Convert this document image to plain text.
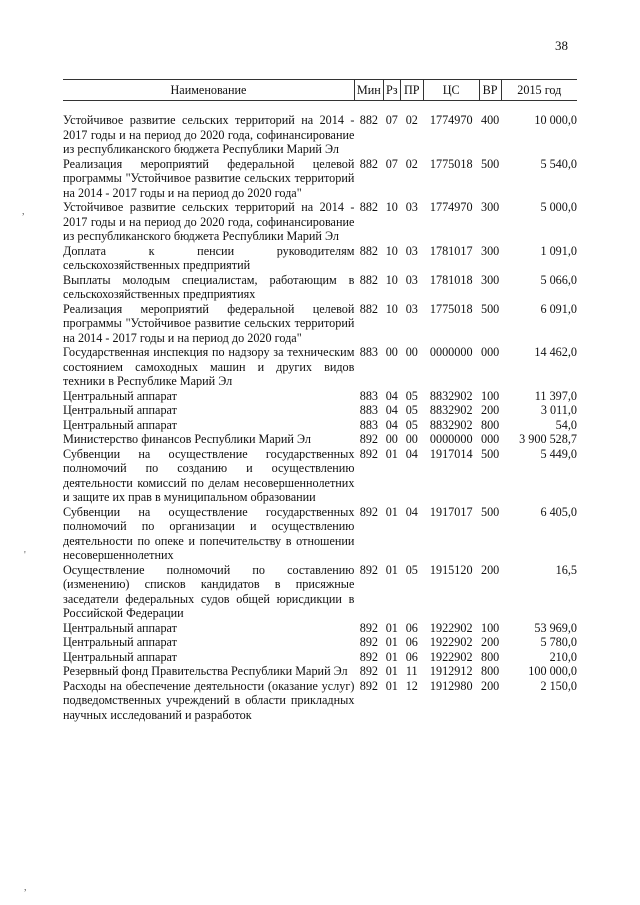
38
Наименование	Мин	Рз	ПР	ЦС	ВР	2015 год

Устойчивое развитие сельских территорий на 2014 - 2017 годы и на период до 2020 года, софинансирование из республиканского бюджета Республики Марий Эл	882	07	02	1774970	400	10 000,0
Реализация мероприятий федеральной целевой программы "Устойчивое развитие сельских территорий на 2014 - 2017 годы и на период до 2020 года"	882	07	02	1775018	500	5 540,0
Устойчивое развитие сельских территорий на 2014 - 2017 годы и на период до 2020 года, софинансирование из республиканского бюджета Республики Марий Эл	882	10	03	1774970	300	5 000,0
Доплата к пенсии руководителям сельскохозяйственных предприятий	882	10	03	1781017	300	1 091,0
Выплаты молодым специалистам, работающим в сельскохозяйственных предприятиях	882	10	03	1781018	300	5 066,0
Реализация мероприятий федеральной целевой программы "Устойчивое развитие сельских территорий на 2014 - 2017 годы и на период до 2020 года"	882	10	03	1775018	500	6 091,0
Государственная инспекция по надзору за техническим состоянием самоходных машин и других видов техники в Республике Марий Эл	883	00	00	0000000	000	14 462,0
Центральный аппарат	883	04	05	8832902	100	11 397,0
Центральный аппарат	883	04	05	8832902	200	3 011,0
Центральный аппарат	883	04	05	8832902	800	54,0
Министерство финансов Республики Марий Эл	892	00	00	0000000	000	3 900 528,7
Субвенции на осуществление государственных полномочий по созданию и осуществлению деятельности комиссий по делам несовершеннолетних и защите их прав в муниципальном образовании	892	01	04	1917014	500	5 449,0
Субвенции на осуществление государственных полномочий по организации и осуществлению деятельности по опеке и попечительству в отношении несовершеннолетних	892	01	04	1917017	500	6 405,0
Осуществление полномочий по составлению (изменению) списков кандидатов в присяжные заседатели федеральных судов общей юрисдикции в Российской Федерации	892	01	05	1915120	200	16,5
Центральный аппарат	892	01	06	1922902	100	53 969,0
Центральный аппарат	892	01	06	1922902	200	5 780,0
Центральный аппарат	892	01	06	1922902	800	210,0
Резервный фонд Правительства Республики Марий Эл	892	01	11	1912912	800	100 000,0
Расходы на обеспечение деятельности (оказание услуг) подведомственных учреждений в области прикладных научных исследований и разработок	892	01	12	1912980	200	2 150,0
,
'
,
